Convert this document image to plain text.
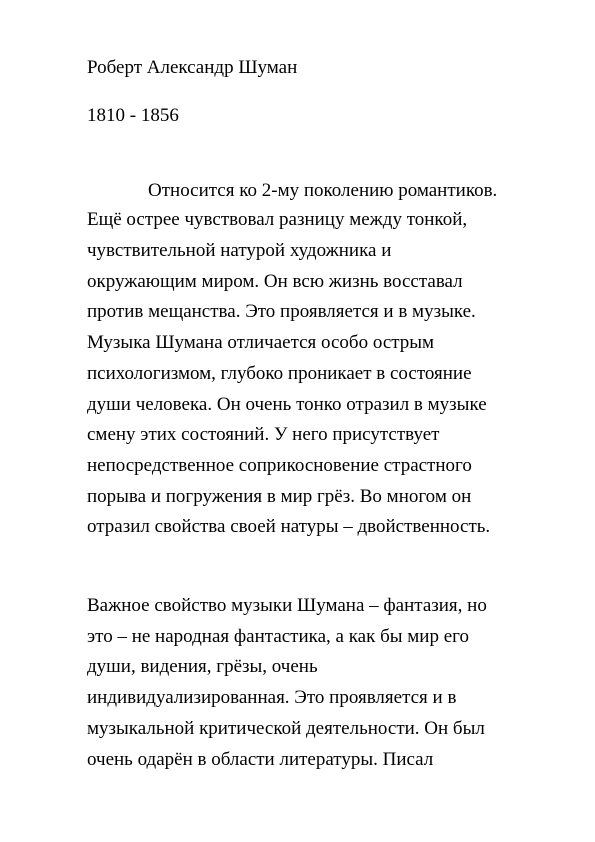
Роберт Александр Шуман

1810 - 1856

Относится ко 2-му поколению романтиков.

Ещё острее чувствовал разницу между тонкой,

чувствительной натурой художника и

окружающим миром. Он всю жизнь восставал

против мещанства. Это проявляется и в музыке.

Музыка Шумана отличается особо острым

психологизмом, глубоко проникает в состояние

души человека. Он очень тонко отразил в музыке

смену этих состояний. У него присутствует

непосредственное соприкосновение страстного

порыва и погружения в мир грёз. Во многом он

отразил свойства своей натуры – двойственность.

Важное свойство музыки Шумана – фантазия, но

это – не народная фантастика, а как бы мир его

души, видения, грёзы, очень

индивидуализированная. Это проявляется и в

музыкальной критической деятельности. Он был

очень одарён в области литературы. Писал
